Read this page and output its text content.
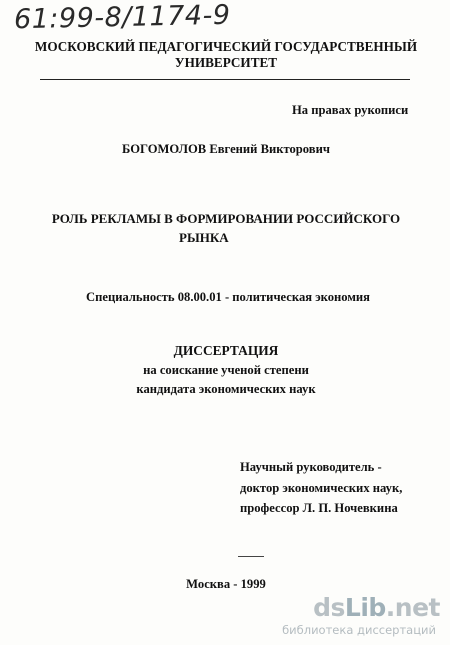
61:99-8/1174-9
МОСКОВСКИЙ ПЕДАГОГИЧЕСКИЙ ГОСУДАРСТВЕННЫЙ
УНИВЕРСИТЕТ
На правах рукописи
БОГОМОЛОВ Евгений Викторович
РОЛЬ РЕКЛАМЫ В ФОРМИРОВАНИИ РОССИЙСКОГО
РЫНКА
Специальность 08.00.01 - политическая экономия
ДИССЕРТАЦИЯ
на соискание ученой степени
кандидата экономических наук
Научный руководитель -
доктор экономических наук,
профессор Л. П. Ночевкина
Москва - 1999
dsLib.net
библиотека диссертаций
